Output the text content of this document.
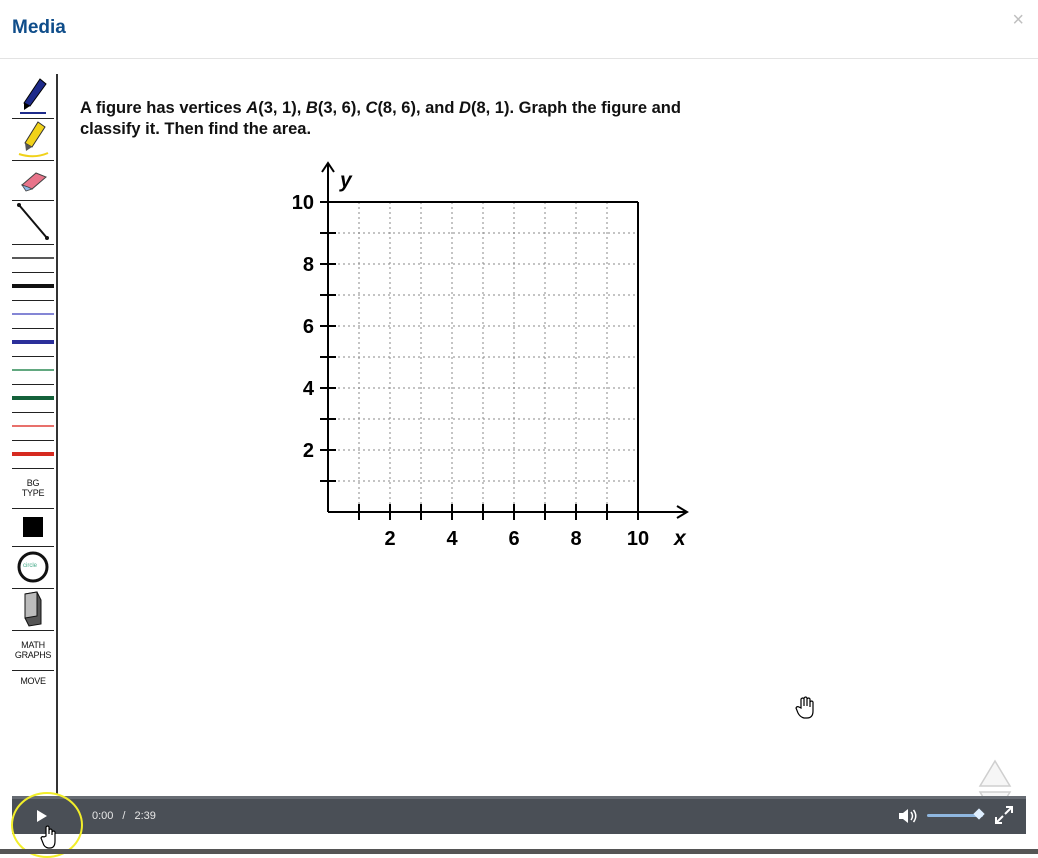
Media	×
BG
TYPE
circle
MATH
GRAPHS
MOVE
A figure has vertices A(3, 1), B(3, 6), C(8, 6), and D(8, 1). Graph the figure and
classify it. Then find the area.
y
x
2	4	6	8 10
10
8
6
4
2
0:00 / 2:39
